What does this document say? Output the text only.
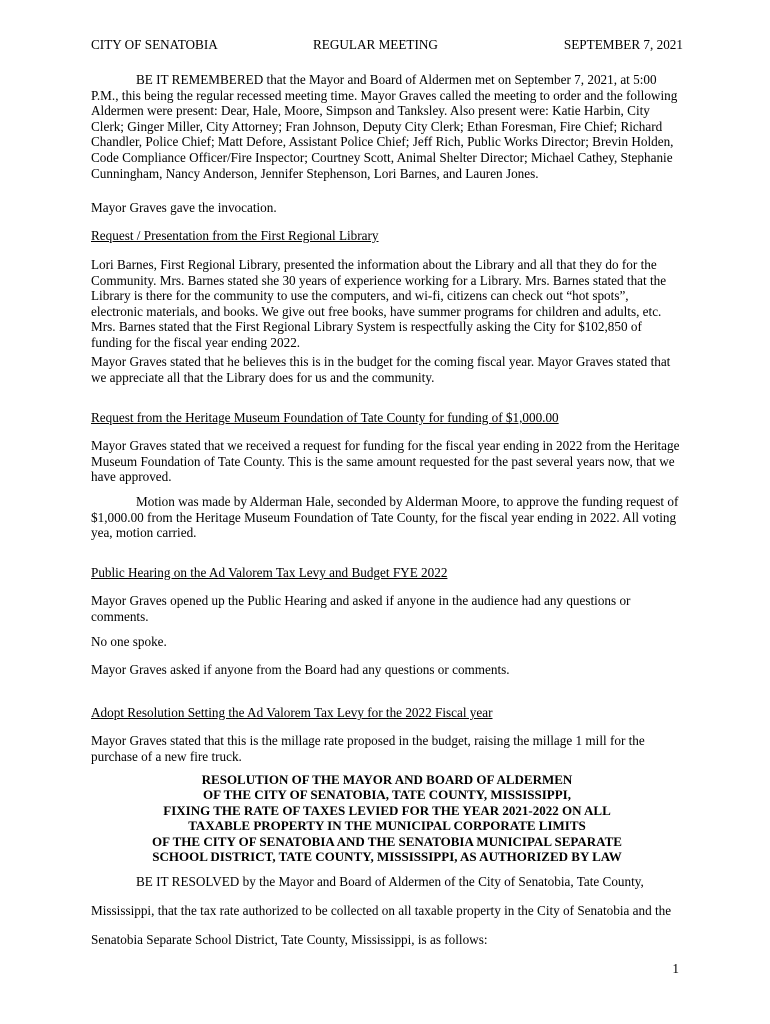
CITY OF SENATOBIA	REGULAR MEETING	SEPTEMBER 7, 2021

BE IT REMEMBERED that the Mayor and Board of Aldermen met on September 7, 2021, at 5:00 P.M., this being the regular recessed meeting time. Mayor Graves called the meeting to order and the following Aldermen were present: Dear, Hale, Moore, Simpson and Tanksley. Also present were: Katie Harbin, City Clerk; Ginger Miller, City Attorney; Fran Johnson, Deputy City Clerk; Ethan Foresman, Fire Chief; Richard Chandler, Police Chief; Matt Defore, Assistant Police Chief; Jeff Rich, Public Works Director; Brevin Holden, Code Compliance Officer/Fire Inspector; Courtney Scott, Animal Shelter Director; Michael Cathey, Stephanie Cunningham, Nancy Anderson, Jennifer Stephenson, Lori Barnes, and Lauren Jones.

Mayor Graves gave the invocation.

Request / Presentation from the First Regional Library

Lori Barnes, First Regional Library, presented the information about the Library and all that they do for the Community. Mrs. Barnes stated she 30 years of experience working for a Library. Mrs. Barnes stated that the Library is there for the community to use the computers, and wi-fi, citizens can check out “hot spots”, electronic materials, and books. We give out free books, have summer programs for children and adults, etc. Mrs. Barnes stated that the First Regional Library System is respectfully asking the City for $102,850 of funding for the fiscal year ending 2022.

Mayor Graves stated that he believes this is in the budget for the coming fiscal year. Mayor Graves stated that we appreciate all that the Library does for us and the community.

Request from the Heritage Museum Foundation of Tate County for funding of $1,000.00

Mayor Graves stated that we received a request for funding for the fiscal year ending in 2022 from the Heritage Museum Foundation of Tate County. This is the same amount requested for the past several years now, that we have approved.

Motion was made by Alderman Hale, seconded by Alderman Moore, to approve the funding request of $1,000.00 from the Heritage Museum Foundation of Tate County, for the fiscal year ending in 2022. All voting yea, motion carried.

Public Hearing on the Ad Valorem Tax Levy and Budget FYE 2022

Mayor Graves opened up the Public Hearing and asked if anyone in the audience had any questions or comments.

No one spoke.

Mayor Graves asked if anyone from the Board had any questions or comments.

Adopt Resolution Setting the Ad Valorem Tax Levy for the 2022 Fiscal year

Mayor Graves stated that this is the millage rate proposed in the budget, raising the millage 1 mill for the purchase of a new fire truck.

RESOLUTION OF THE MAYOR AND BOARD OF ALDERMEN
OF THE CITY OF SENATOBIA, TATE COUNTY, MISSISSIPPI,
FIXING THE RATE OF TAXES LEVIED FOR THE YEAR 2021-2022 ON ALL
TAXABLE PROPERTY IN THE MUNICIPAL CORPORATE LIMITS
OF THE CITY OF SENATOBIA AND THE SENATOBIA MUNICIPAL SEPARATE
SCHOOL DISTRICT, TATE COUNTY, MISSISSIPPI, AS AUTHORIZED BY LAW

BE IT RESOLVED by the Mayor and Board of Aldermen of the City of Senatobia, Tate County, Mississippi, that the tax rate authorized to be collected on all taxable property in the City of Senatobia and the Senatobia Separate School District, Tate County, Mississippi, is as follows:

1
